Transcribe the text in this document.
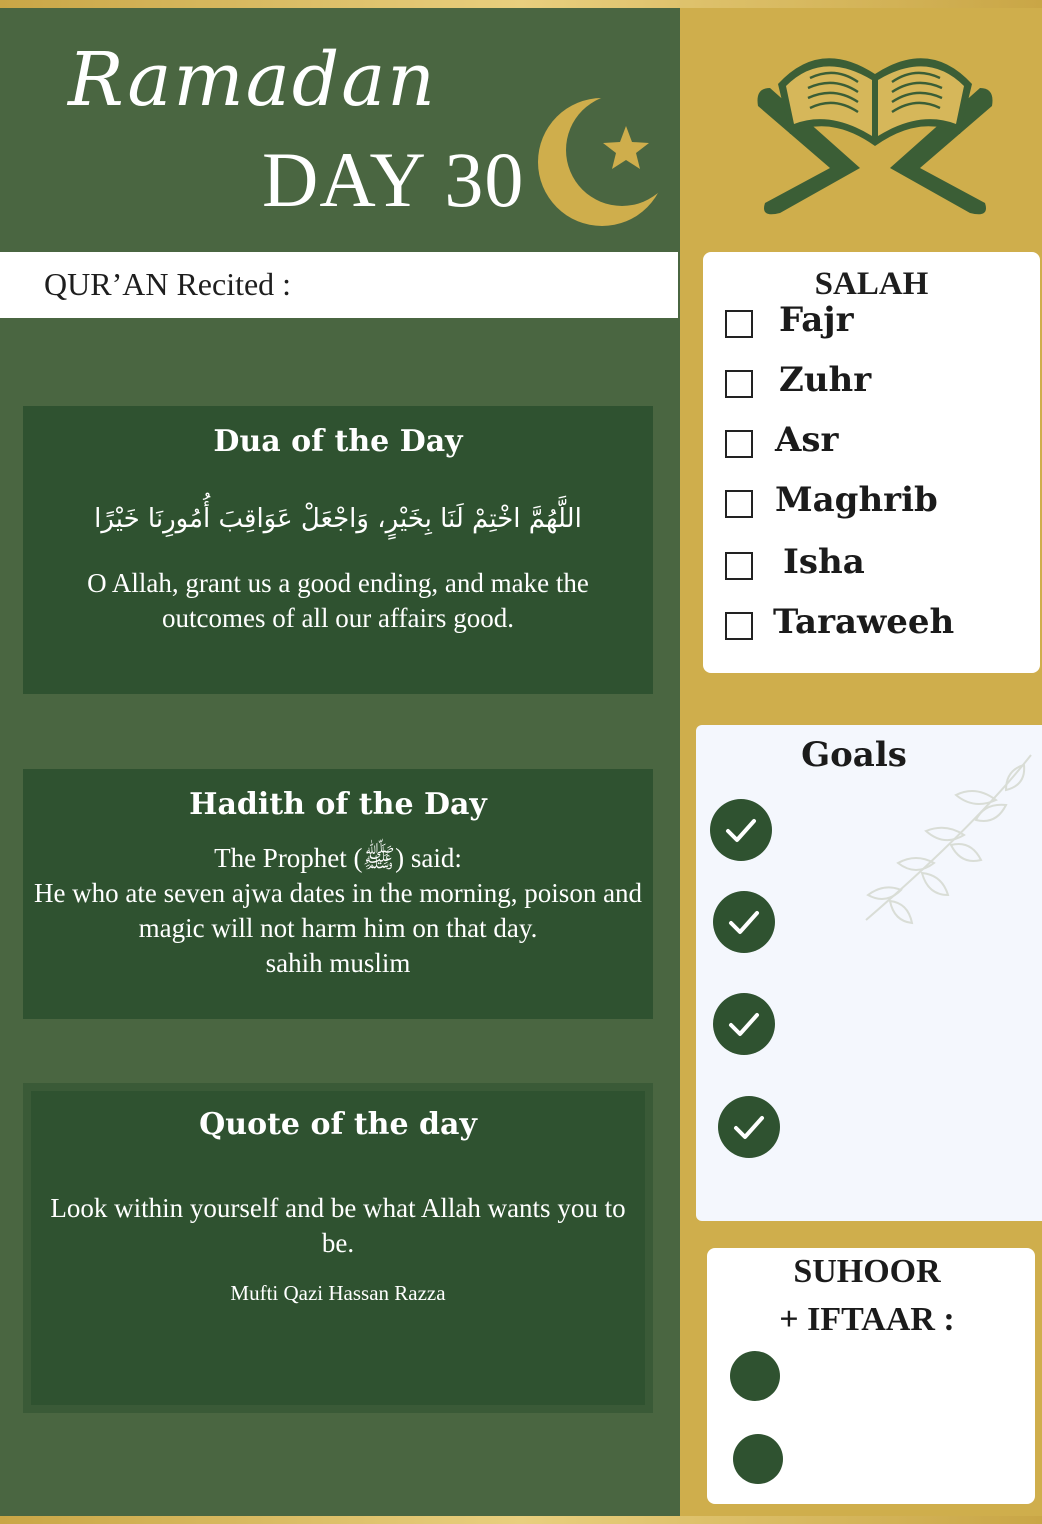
Ramadan
DAY 30
QUR’AN Recited :
Dua of the Day
اللَّهُمَّ اخْتِمْ لَنَا بِخَيْرٍ، وَاجْعَلْ عَوَاقِبَ أُمُورِنَا خَيْرًا
O Allah, grant us a good ending, and make the outcomes of all our affairs good.
Hadith of the Day
The Prophet (ﷺ) said:
He who ate seven ajwa dates in the morning, poison and magic will not harm him on that day.
sahih muslim
Quote of the day
Look within yourself and be what Allah wants you to be.
Mufti Qazi Hassan Razza
SALAH
Fajr
Zuhr
Asr
Maghrib
Isha
Taraweeh
Goals
SUHOOR
+ IFTAAR :
